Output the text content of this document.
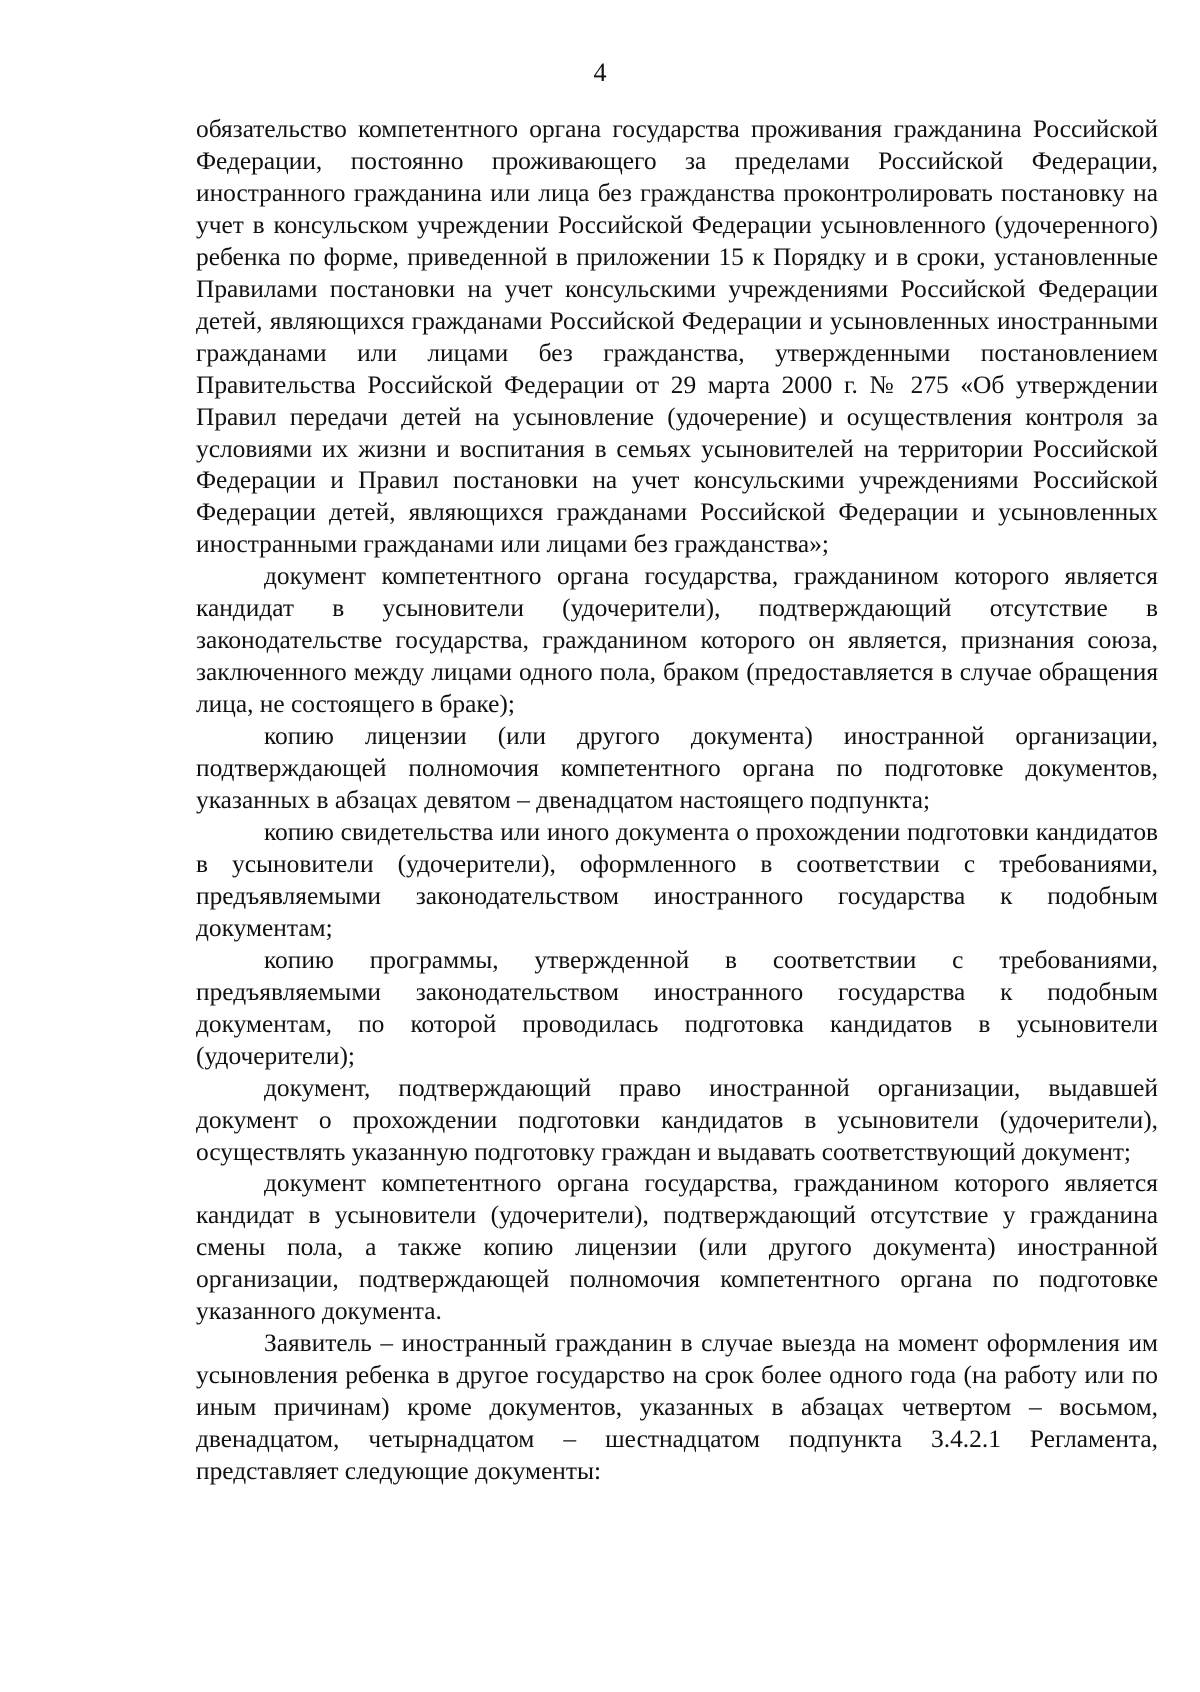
4

обязательство компетентного органа государства проживания гражданина Российской Федерации, постоянно проживающего за пределами Российской Федерации, иностранного гражданина или лица без гражданства проконтролировать постановку на учет в консульском учреждении Российской Федерации усыновленного (удочеренного) ребенка по форме, приведенной в приложении 15 к Порядку и в сроки, установленные Правилами постановки на учет консульскими учреждениями Российской Федерации детей, являющихся гражданами Российской Федерации и усыновленных иностранными гражданами или лицами без гражданства, утвержденными постановлением Правительства Российской Федерации от 29 марта 2000 г. № 275 «Об утверждении Правил передачи детей на усыновление (удочерение) и осуществления контроля за условиями их жизни и воспитания в семьях усыновителей на территории Российской Федерации и Правил постановки на учет консульскими учреждениями Российской Федерации детей, являющихся гражданами Российской Федерации и усыновленных иностранными гражданами или лицами без гражданства»;

документ компетентного органа государства, гражданином которого является кандидат в усыновители (удочерители), подтверждающий отсутствие в законодательстве государства, гражданином которого он является, признания союза, заключенного между лицами одного пола, браком (предоставляется в случае обращения лица, не состоящего в браке);

копию лицензии (или другого документа) иностранной организации, подтверждающей полномочия компетентного органа по подготовке документов, указанных в абзацах девятом – двенадцатом настоящего подпункта;

копию свидетельства или иного документа о прохождении подготовки кандидатов в усыновители (удочерители), оформленного в соответствии с требованиями, предъявляемыми законодательством иностранного государства к подобным документам;

копию программы, утвержденной в соответствии с требованиями, предъявляемыми законодательством иностранного государства к подобным документам, по которой проводилась подготовка кандидатов в усыновители (удочерители);

документ, подтверждающий право иностранной организации, выдавшей документ о прохождении подготовки кандидатов в усыновители (удочерители), осуществлять указанную подготовку граждан и выдавать соответствующий документ;

документ компетентного органа государства, гражданином которого является кандидат в усыновители (удочерители), подтверждающий отсутствие у гражданина смены пола, а также копию лицензии (или другого документа) иностранной организации, подтверждающей полномочия компетентного органа по подготовке указанного документа.

Заявитель – иностранный гражданин в случае выезда на момент оформления им усыновления ребенка в другое государство на срок более одного года (на работу или по иным причинам) кроме документов, указанных в абзацах четвертом – восьмом, двенадцатом, четырнадцатом – шестнадцатом подпункта 3.4.2.1 Регламента, представляет следующие документы:
